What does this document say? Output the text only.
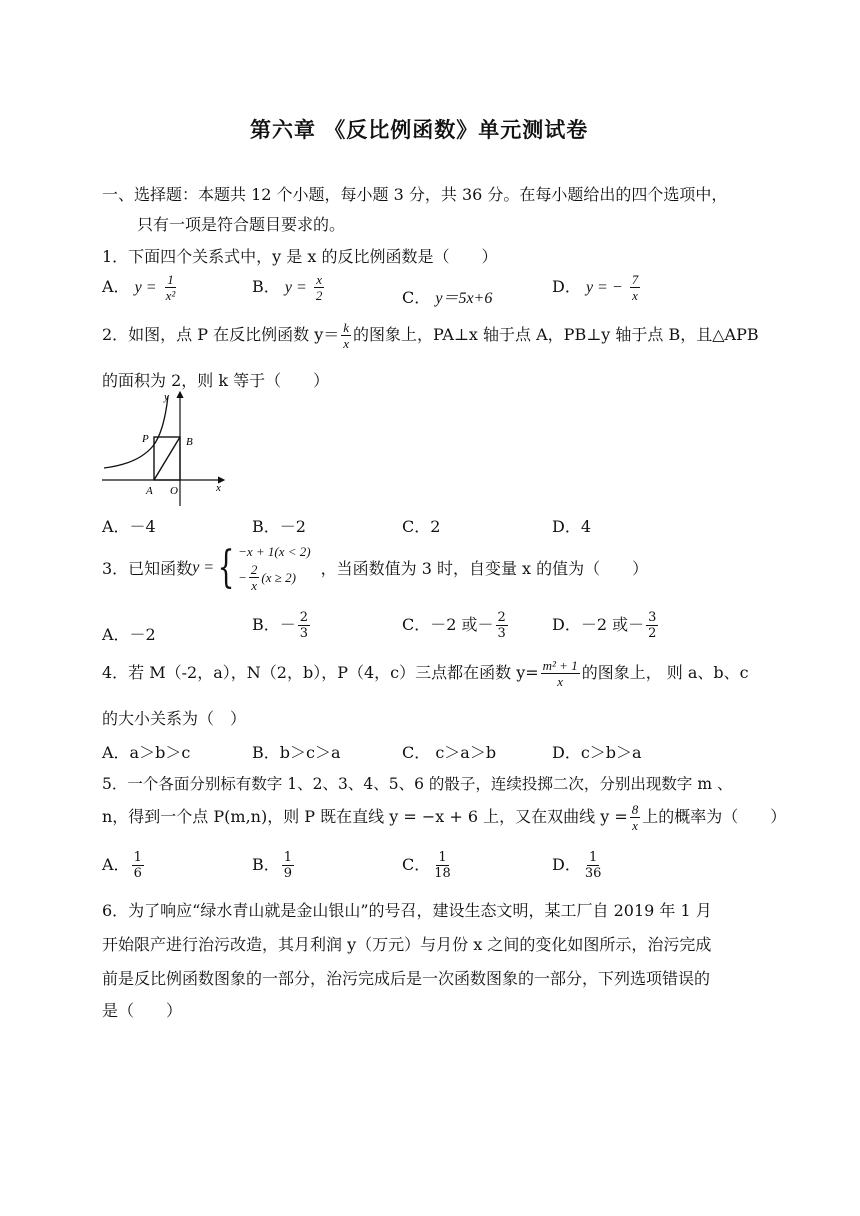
第六章 《反比例函数》单元测试卷
一、选择题：本题共 12 个小题，每小题 3 分，共 36 分。在每小题给出的四个选项中，
只有一项是符合题目要求的。
1．下面四个关系式中，y 是 x 的反比例函数是（　　）
A． $y = \frac{1}{\text{x²}}$	B． $y = \frac{x}{2}$	C． y＝5x+6
D． y = − $\frac{7}{x}$
2．如图，点 P 在反比例函数 $y= \frac{k}{x}$ 的图象上，PA⊥x 轴于点 A，PB⊥y 轴于点 B，且△APB
的面积为 2，则 k 等于（　　）
y
x
P	B
A O
A．－4	B．－2	C．2	D．4
3．已知函数 y = { −x + 1(x < 2)
− $\frac{2}{x} (x \ge 2)$ ，当函数值为 3 时，自变量 x 的值为（　　）
A．－2
B．－ $\frac{2}{3}$	C．－2 或－ $\frac{2}{3}$	D．－2 或－ $\frac{3}{2}$
4．若 M（-2，a），N（2，b），P（4，c）三点都在函数 $y= \frac{\text{m² + 1}}{x}$ 的图象上， 则 a、b、c
的大小关系为（　）
A．a＞b＞c	B．b＞c＞a	C． c＞a＞b	D．c＞b＞a
5．一个各面分别标有数字 1、2、3、4、5、6 的骰子，连续投掷二次，分别出现数字 m 、
n，得到一个点 P(m,n)，则 P 既在直线 y = −x + 6 上，又在双曲线 $y = \frac{8}{x}$ 上的概率为（　　）
A． $\frac{1}{6}$	B． $\frac{1}{9}$	C． $\frac{1}{18}$	D． $\frac{1}{36}$
6．为了响应“绿水青山就是金山银山”的号召，建设生态文明，某工厂自 2019 年 1 月
开始限产进行治污改造，其月利润 y（万元）与月份 x 之间的变化如图所示，治污完成
前是反比例函数图象的一部分，治污完成后是一次函数图象的一部分，下列选项错误的
是（　　）
